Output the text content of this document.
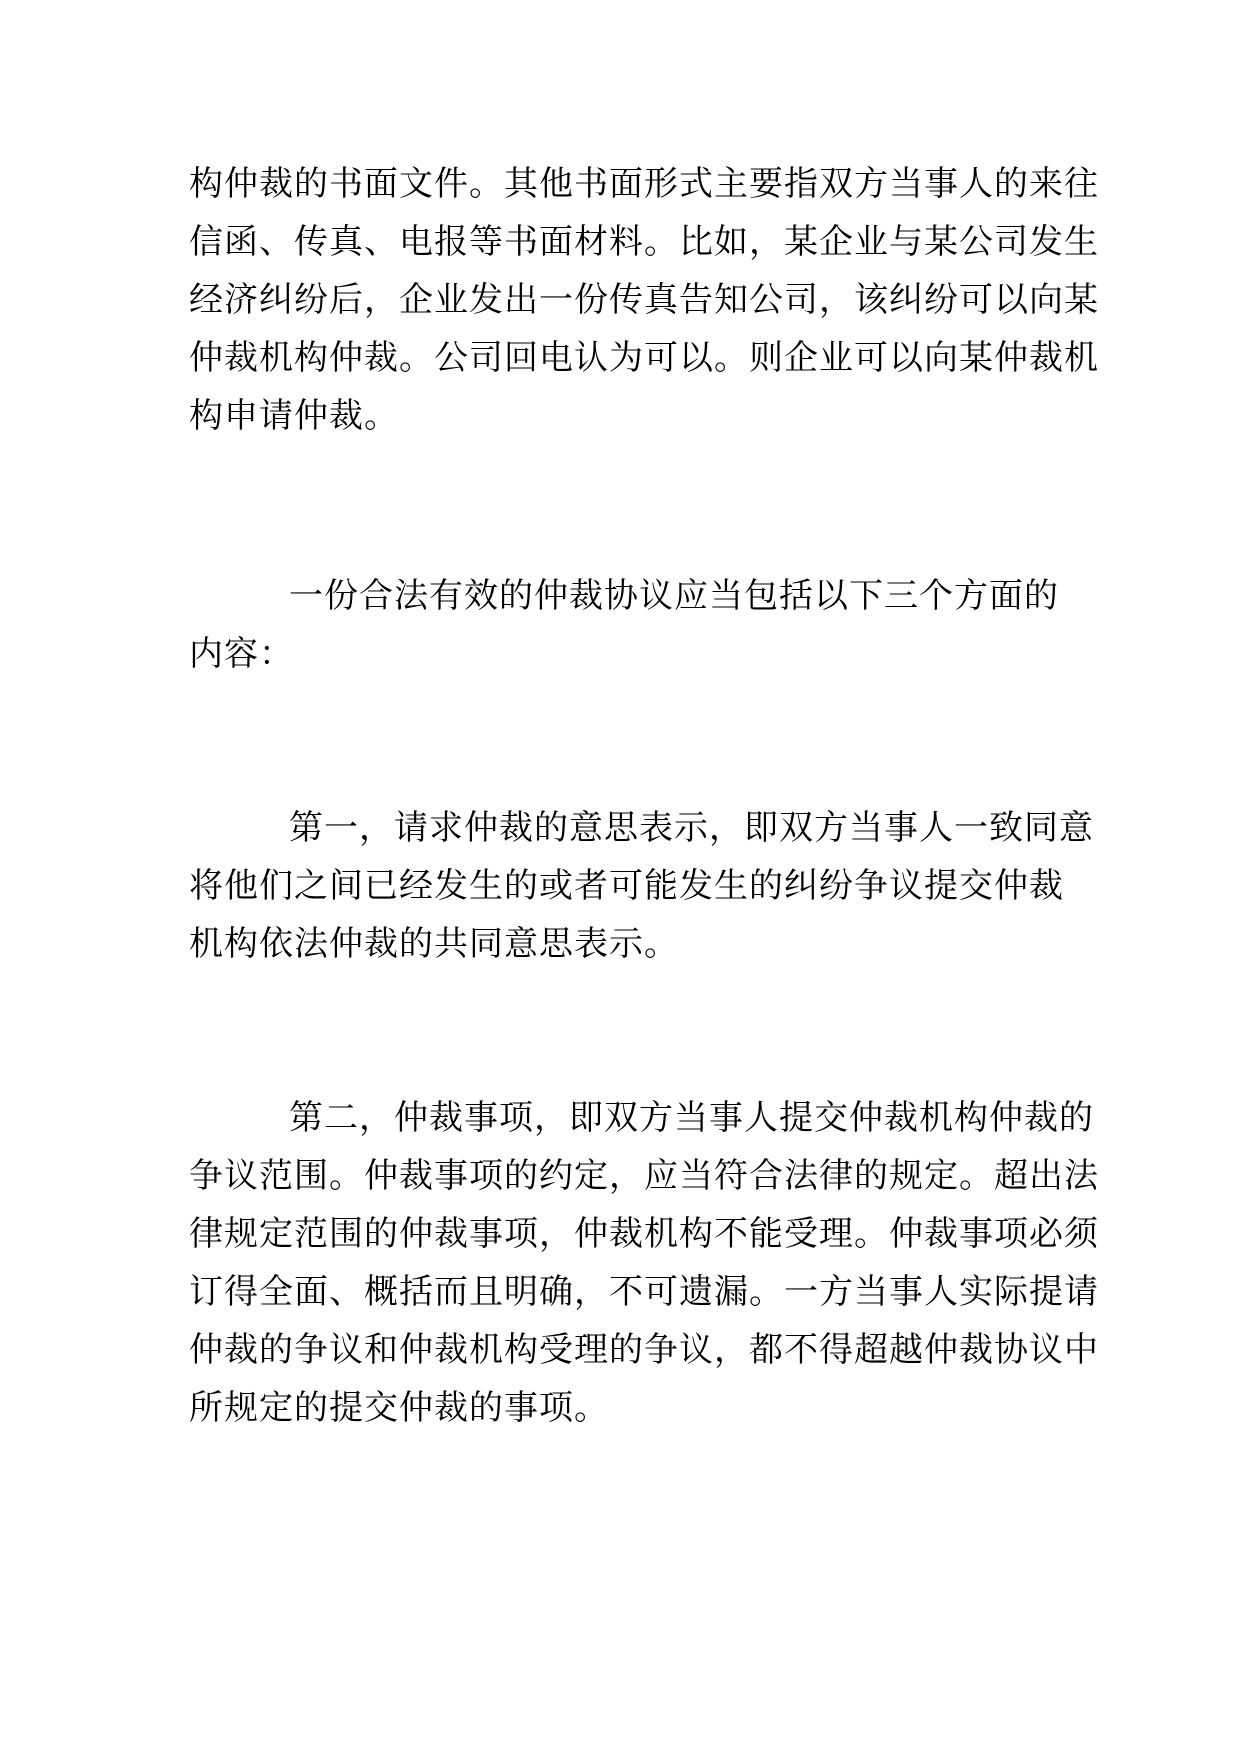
构仲裁的书面文件。其他书面形式主要指双方当事人的来往
信函、传真、电报等书面材料。比如，某企业与某公司发生
经济纠纷后，企业发出一份传真告知公司，该纠纷可以向某
仲裁机构仲裁。公司回电认为可以。则企业可以向某仲裁机
构申请仲裁。
一份合法有效的仲裁协议应当包括以下三个方面的
内容：
第一，请求仲裁的意思表示，即双方当事人一致同意
将他们之间已经发生的或者可能发生的纠纷争议提交仲裁
机构依法仲裁的共同意思表示。
第二，仲裁事项，即双方当事人提交仲裁机构仲裁的
争议范围。仲裁事项的约定，应当符合法律的规定。超出法
律规定范围的仲裁事项，仲裁机构不能受理。仲裁事项必须
订得全面、概括而且明确，不可遗漏。一方当事人实际提请
仲裁的争议和仲裁机构受理的争议，都不得超越仲裁协议中
所规定的提交仲裁的事项。
